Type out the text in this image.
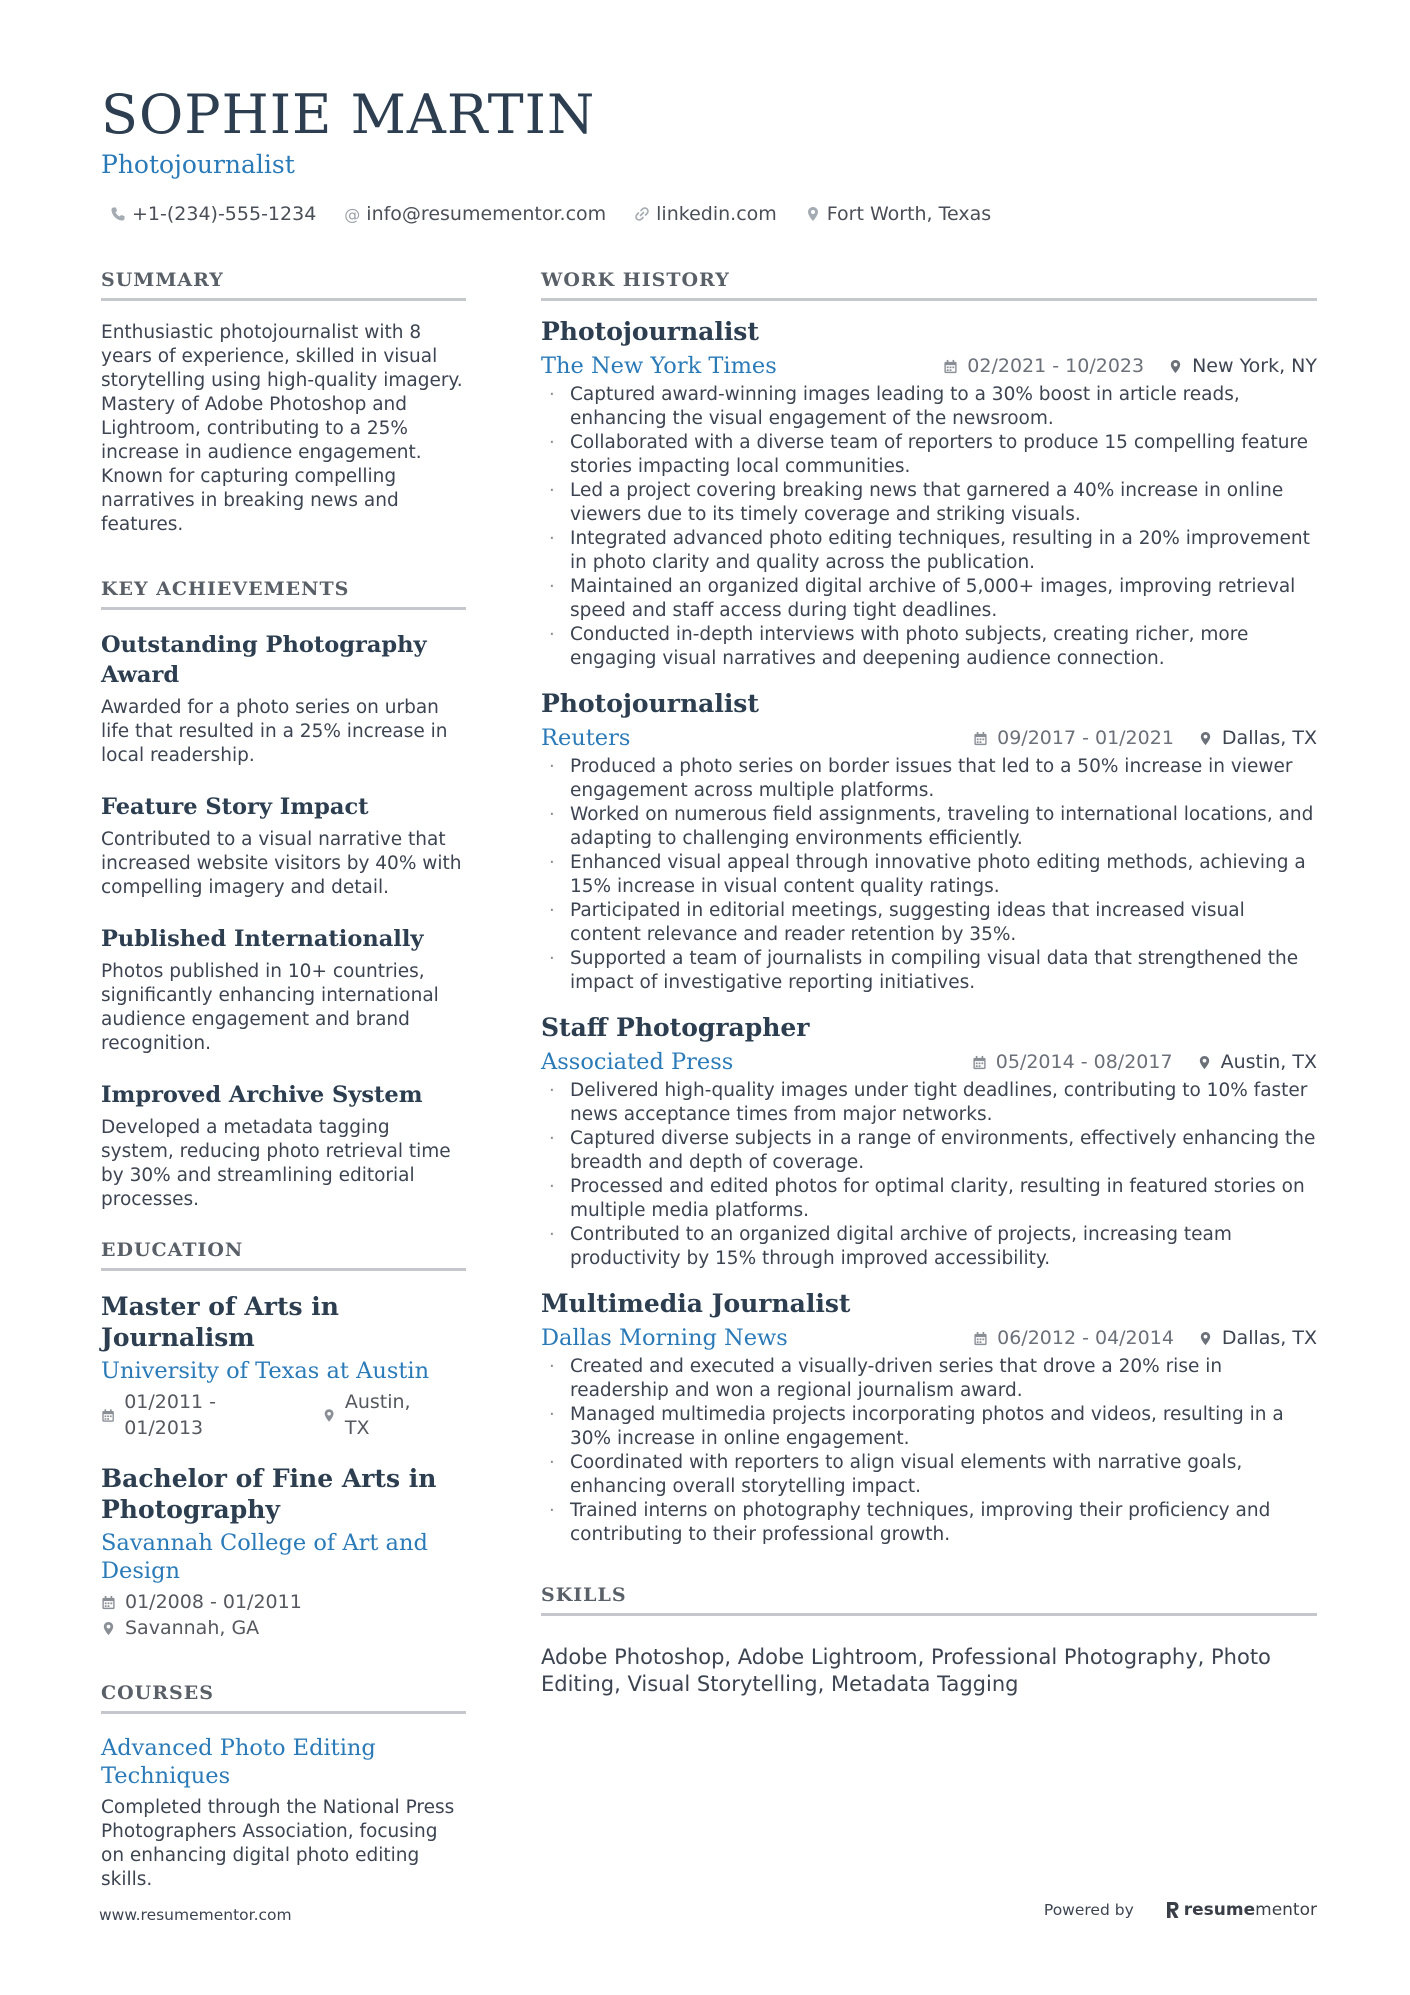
SOPHIE MARTIN
Photojournalist
+1-(234)-555-1234 @ info@resumementor.com	linkedin.com	Fort Worth, Texas
SUMMARY

Enthusiastic photojournalist with 8 years of experience, skilled in visual storytelling using high-quality imagery. Mastery of Adobe Photoshop and Lightroom, contributing to a 25% increase in audience engagement. Known for capturing compelling narratives in breaking news and features.

KEY ACHIEVEMENTS
Outstanding Photography Award

Awarded for a photo series on urban life that resulted in a 25% increase in local readership.

Feature Story Impact

Contributed to a visual narrative that increased website visitors by 40% with compelling imagery and detail.

Published Internationally

Photos published in 10+ countries, significantly enhancing international audience engagement and brand recognition.

Improved Archive System

Developed a metadata tagging system, reducing photo retrieval time by 30% and streamlining editorial processes.

EDUCATION
Master of Arts in Journalism
University of Texas at Austin
01/2011 - 01/2013
Austin, TX
Bachelor of Fine Arts in Photography
Savannah College of Art and Design
01/2008 - 01/2011
Savannah, GA
COURSES
Advanced Photo Editing Techniques

Completed through the National Press Photographers Association, focusing on enhancing digital photo editing skills.

WORK HISTORY
Photojournalist
The New York Times	02/2021 - 10/2023	New York, NY
· Captured award-winning images leading to a 30% boost in article reads, enhancing the visual engagement of the newsroom.
· Collaborated with a diverse team of reporters to produce 15 compelling feature stories impacting local communities.
· Led a project covering breaking news that garnered a 40% increase in online viewers due to its timely coverage and striking visuals.
· Integrated advanced photo editing techniques, resulting in a 20% improvement in photo clarity and quality across the publication.
· Maintained an organized digital archive of 5,000+ images, improving retrieval speed and staff access during tight deadlines.
· Conducted in-depth interviews with photo subjects, creating richer, more engaging visual narratives and deepening audience connection.
Photojournalist
Reuters	09/2017 - 01/2021	Dallas, TX
· Produced a photo series on border issues that led to a 50% increase in viewer engagement across multiple platforms.
· Worked on numerous field assignments, traveling to international locations, and adapting to challenging environments efficiently.
· Enhanced visual appeal through innovative photo editing methods, achieving a 15% increase in visual content quality ratings.
· Participated in editorial meetings, suggesting ideas that increased visual content relevance and reader retention by 35%.
· Supported a team of journalists in compiling visual data that strengthened the impact of investigative reporting initiatives.
Staff Photographer
Associated Press	05/2014 - 08/2017	Austin, TX
· Delivered high-quality images under tight deadlines, contributing to 10% faster news acceptance times from major networks.
· Captured diverse subjects in a range of environments, effectively enhancing the breadth and depth of coverage.
· Processed and edited photos for optimal clarity, resulting in featured stories on multiple media platforms.
· Contributed to an organized digital archive of projects, increasing team productivity by 15% through improved accessibility.
Multimedia Journalist
Dallas Morning News	06/2012 - 04/2014	Dallas, TX
· Created and executed a visually-driven series that drove a 20% rise in readership and won a regional journalism award.
· Managed multimedia projects incorporating photos and videos, resulting in a 30% increase in online engagement.
· Coordinated with reporters to align visual elements with narrative goals, enhancing overall storytelling impact.
· Trained interns on photography techniques, improving their proficiency and contributing to their professional growth.
SKILLS

Adobe Photoshop, Adobe Lightroom, Professional Photography, Photo Editing, Visual Storytelling, Metadata Tagging

www.resumementor.com	Powered by	resume mentor
